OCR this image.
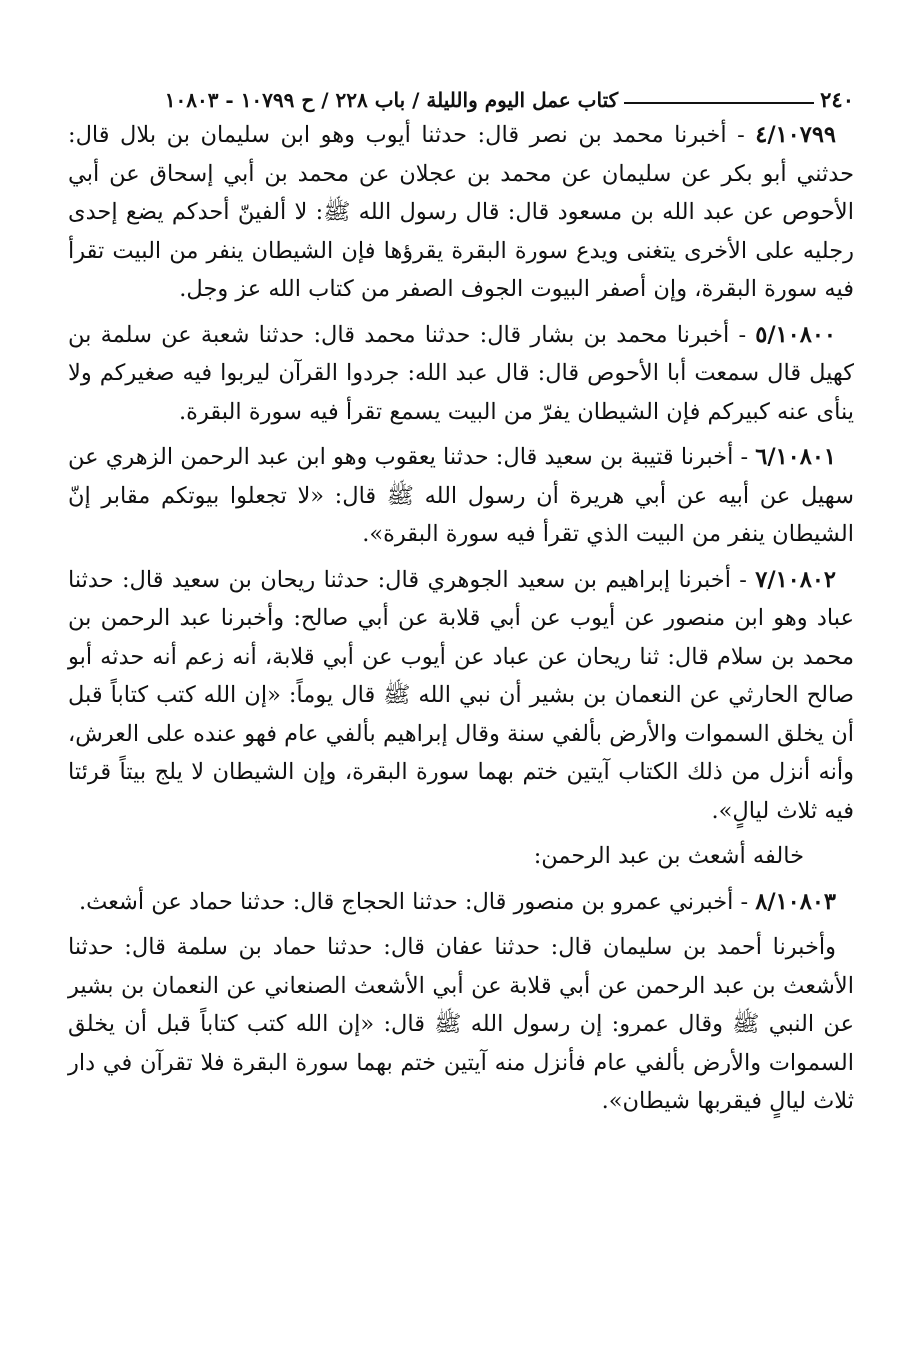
٢٤٠
كتاب عمل اليوم والليلة / باب ٢٢٨ / ح ١٠٧٩٩ - ١٠٨٠٣

٤/١٠٧٩٩ - أخبرنا محمد بن نصر قال: حدثنا أيوب وهو ابن سليمان بن بلال قال: حدثني أبو بكر عن سليمان عن محمد بن عجلان عن محمد بن أبي إسحاق عن أبي الأحوص عن عبد الله بن مسعود قال: قال رسول الله ﷺ: لا ألفينّ أحدكم يضع إحدى رجليه على الأخرى يتغنى ويدع سورة البقرة يقرؤها فإن الشيطان ينفر من البيت تقرأ فيه سورة البقرة، وإن أصفر البيوت الجوف الصفر من كتاب الله عز وجل.

٥/١٠٨٠٠ - أخبرنا محمد بن بشار قال: حدثنا محمد قال: حدثنا شعبة عن سلمة بن كهيل قال سمعت أبا الأحوص قال: قال عبد الله: جردوا القرآن ليربوا فيه صغيركم ولا ينأى عنه كبيركم فإن الشيطان يفرّ من البيت يسمع تقرأ فيه سورة البقرة.

٦/١٠٨٠١ - أخبرنا قتيبة بن سعيد قال: حدثنا يعقوب وهو ابن عبد الرحمن الزهري عن سهيل عن أبيه عن أبي هريرة أن رسول الله ﷺ قال: «لا تجعلوا بيوتكم مقابر إنّ الشيطان ينفر من البيت الذي تقرأ فيه سورة البقرة».

٧/١٠٨٠٢ - أخبرنا إبراهيم بن سعيد الجوهري قال: حدثنا ريحان بن سعيد قال: حدثنا عباد وهو ابن منصور عن أيوب عن أبي قلابة عن أبي صالح: وأخبرنا عبد الرحمن بن محمد بن سلام قال: ثنا ريحان عن عباد عن أيوب عن أبي قلابة، أنه زعم أنه حدثه أبو صالح الحارثي عن النعمان بن بشير أن نبي الله ﷺ قال يوماً: «إن الله كتب كتاباً قبل أن يخلق السموات والأرض بألفي سنة وقال إبراهيم بألفي عام فهو عنده على العرش، وأنه أنزل من ذلك الكتاب آيتين ختم بهما سورة البقرة، وإن الشيطان لا يلج بيتاً قرئتا فيه ثلاث ليالٍ».

خالفه أشعث بن عبد الرحمن:

٨/١٠٨٠٣ - أخبرني عمرو بن منصور قال: حدثنا الحجاج قال: حدثنا حماد عن أشعث.

وأخبرنا أحمد بن سليمان قال: حدثنا عفان قال: حدثنا حماد بن سلمة قال: حدثنا الأشعث بن عبد الرحمن عن أبي قلابة عن أبي الأشعث الصنعاني عن النعمان بن بشير عن النبي ﷺ وقال عمرو: إن رسول الله ﷺ قال: «إن الله كتب كتاباً قبل أن يخلق السموات والأرض بألفي عام فأنزل منه آيتين ختم بهما سورة البقرة فلا تقرآن في دار ثلاث ليالٍ فيقربها شيطان».
